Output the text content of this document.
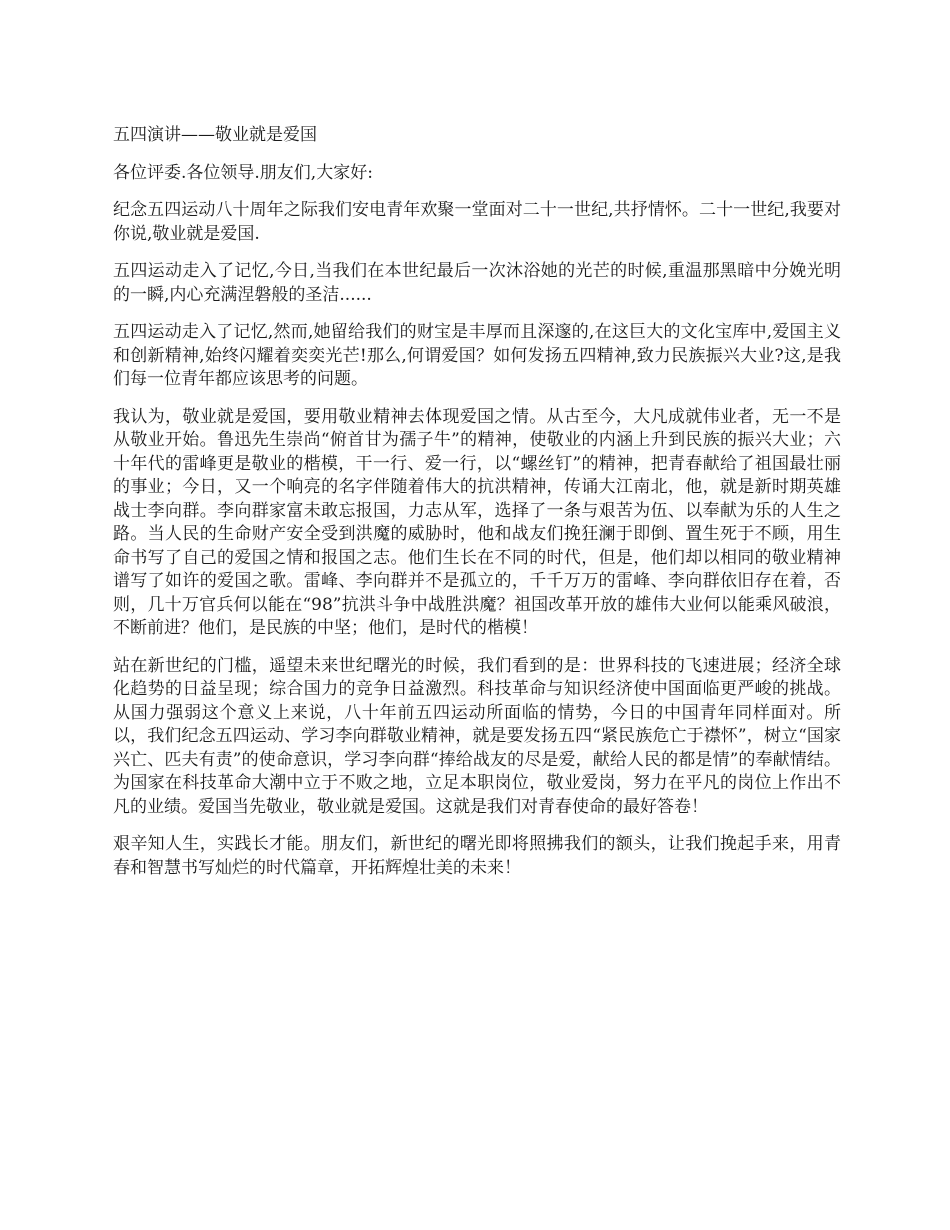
五四演讲——敬业就是爱国

各位评委.各位领导.朋友们,大家好:

纪念五四运动八十周年之际我们安电青年欢聚一堂面对二十一世纪,共抒情怀。二十一世纪,我要对你说,敬业就是爱国.

五四运动走入了记忆,今日,当我们在本世纪最后一次沐浴她的光芒的时候,重温那黑暗中分娩光明的一瞬,内心充满涅磐般的圣洁......

五四运动走入了记忆,然而,她留给我们的财宝是丰厚而且深邃的,在这巨大的文化宝库中,爱国主义和创新精神,始终闪耀着奕奕光芒!那么,何谓爱国？如何发扬五四精神,致力民族振兴大业?这,是我们每一位青年都应该思考的问题。

我认为，敬业就是爱国，要用敬业精神去体现爱国之情。从古至今，大凡成就伟业者，无一不是从敬业开始。鲁迅先生崇尚“俯首甘为孺子牛”的精神，使敬业的内涵上升到民族的振兴大业；六十年代的雷峰更是敬业的楷模，干一行、爱一行，以“螺丝钉”的精神，把青春献给了祖国最壮丽的事业；今日，又一个响亮的名字伴随着伟大的抗洪精神，传诵大江南北，他，就是新时期英雄战士李向群。李向群家富未敢忘报国，力志从军，选择了一条与艰苦为伍、以奉献为乐的人生之路。当人民的生命财产安全受到洪魔的威胁时，他和战友们挽狂澜于即倒、置生死于不顾，用生命书写了自己的爱国之情和报国之志。他们生长在不同的时代，但是，他们却以相同的敬业精神谱写了如许的爱国之歌。雷峰、李向群并不是孤立的，千千万万的雷峰、李向群依旧存在着，否则，几十万官兵何以能在“98”抗洪斗争中战胜洪魔？祖国改革开放的雄伟大业何以能乘风破浪，不断前进？他们，是民族的中坚；他们，是时代的楷模！

站在新世纪的门槛，遥望未来世纪曙光的时候，我们看到的是：世界科技的飞速进展；经济全球化趋势的日益呈现；综合国力的竞争日益激烈。科技革命与知识经济使中国面临更严峻的挑战。从国力强弱这个意义上来说，八十年前五四运动所面临的情势，今日的中国青年同样面对。所以，我们纪念五四运动、学习李向群敬业精神，就是要发扬五四“紧民族危亡于襟怀”，树立“国家兴亡、匹夫有责”的使命意识，学习李向群“捧给战友的尽是爱，献给人民的都是情”的奉献情结。为国家在科技革命大潮中立于不败之地，立足本职岗位，敬业爱岗，努力在平凡的岗位上作出不凡的业绩。爱国当先敬业，敬业就是爱国。这就是我们对青春使命的最好答卷！

艰辛知人生，实践长才能。朋友们，新世纪的曙光即将照拂我们的额头，让我们挽起手来，用青春和智慧书写灿烂的时代篇章，开拓辉煌壮美的未来！
